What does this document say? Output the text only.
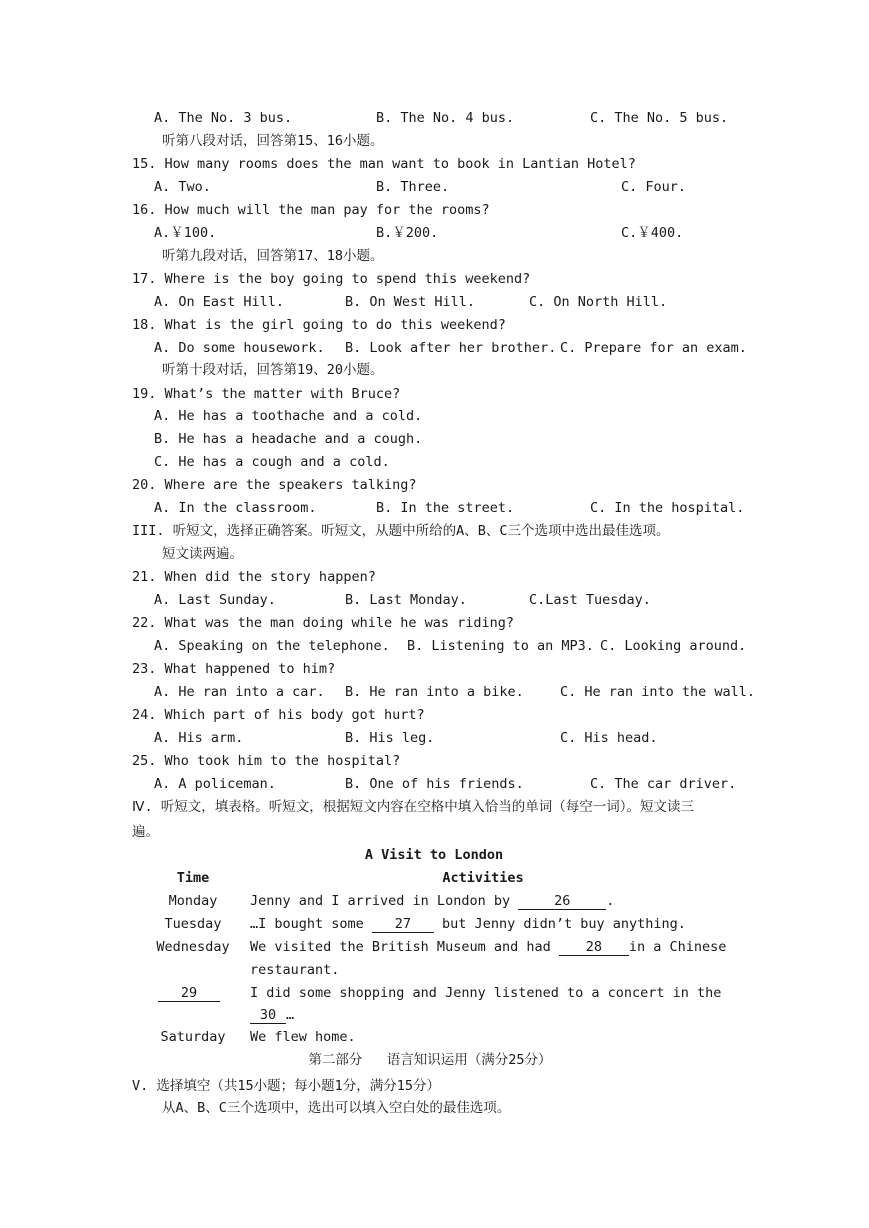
A. The No. 3 bus.	B. The No. 4 bus.	C. The No. 5 bus.
听第八段对话，回答第15、16小题。
15. How many rooms does the man want to book in Lantian Hotel?
A. Two.	B. Three.	C. Four.
16. How much will the man pay for the rooms?
A.￥100.	B.￥200.	C.￥400.
听第九段对话，回答第17、18小题。
17. Where is the boy going to spend this weekend?
A. On East Hill.	B. On West Hill.	C. On North Hill.
18. What is the girl going to do this weekend?
A. Do some housework. B. Look after her brother. C. Prepare for an exam.
听第十段对话，回答第19、20小题。
19. What’s the matter with Bruce?
A. He has a toothache and a cold.
B. He has a headache and a cough.
C. He has a cough and a cold.
20. Where are the speakers talking?
A. In the classroom.	B. In the street.	C. In the hospital.
III. 听短文，选择正确答案。听短文，从题中所给的A、B、C三个选项中选出最佳选项。
短文读两遍。
21. When did the story happen?
A. Last Sunday.	B. Last Monday.	C.Last Tuesday.
22. What was the man doing while he was riding?
A. Speaking on the telephone. B. Listening to an MP3. C. Looking around.
23. What happened to him?
A. He ran into a car. B. He ran into a bike.	C. He ran into the wall.
24. Which part of his body got hurt?
A. His arm.	B. His leg.	C. His head.
25. Who took him to the hospital?
A. A policeman.	B. One of his friends.	C. The car driver.
Ⅳ. 听短文，填表格。听短文，根据短文内容在空格中填入恰当的单词（每空一词）。短文读三
遍。
A Visit to London
Time	Activities
Monday	Jenny and I arrived in London by	26	.
Tuesday	…I bought some 27 but Jenny didn’t buy anything.
Wednesday	We visited the British Museum and had 28 in a Chinese
restaurant.
29	I did some shopping and Jenny listened to a concert in the
30 …
Saturday	We flew home.
第二部分   语言知识运用（满分25分）
V. 选择填空（共15小题；每小题1分，满分15分）
从A、B、C三个选项中，选出可以填入空白处的最佳选项。
